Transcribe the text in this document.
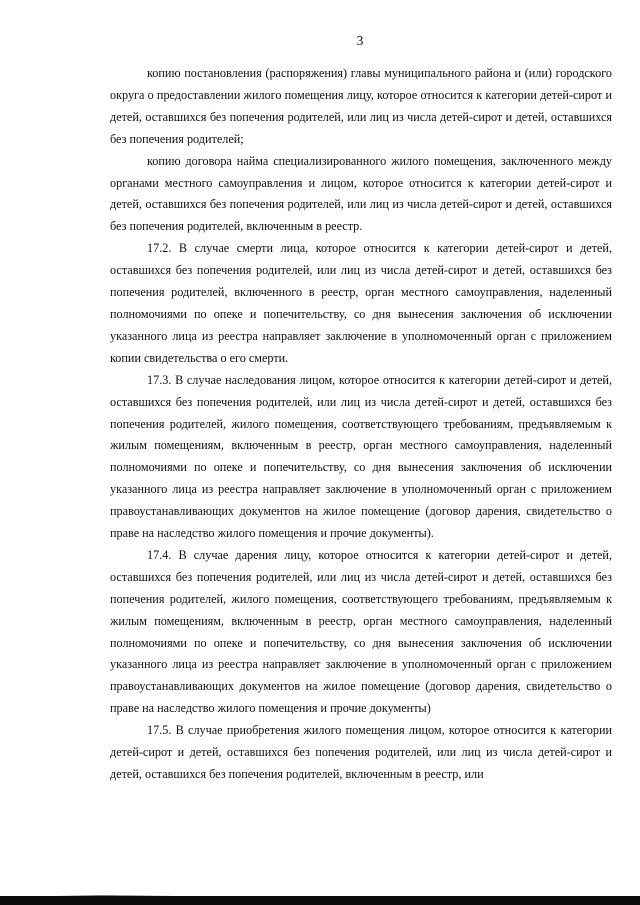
3

копию постановления (распоряжения) главы муниципального района и (или) городского округа о предоставлении жилого помещения лицу, которое относится к категории детей-сирот и детей, оставшихся без попечения родителей, или лиц из числа детей-сирот и детей, оставшихся без попечения родителей;

копию договора найма специализированного жилого помещения, заключенного между органами местного самоуправления и лицом, которое относится к категории детей-сирот и детей, оставшихся без попечения родителей, или лиц из числа детей-сирот и детей, оставшихся без попечения родителей, включенным в реестр.

17.2. В случае смерти лица, которое относится к категории детей-сирот и детей, оставшихся без попечения родителей, или лиц из числа детей-сирот и детей, оставшихся без попечения родителей, включенного в реестр, орган местного самоуправления, наделенный полномочиями по опеке и попечительству, со дня вынесения заключения об исключении указанного лица из реестра направляет заключение в уполномоченный орган с приложением копии свидетельства о его смерти.

17.3. В случае наследования лицом, которое относится к категории детей-сирот и детей, оставшихся без попечения родителей, или лиц из числа детей-сирот и детей, оставшихся без попечения родителей, жилого помещения, соответствующего требованиям, предъявляемым к жилым помещениям, включенным в реестр, орган местного самоуправления, наделенный полномочиями по опеке и попечительству, со дня вынесения заключения об исключении указанного лица из реестра направляет заключение в уполномоченный орган с приложением правоустанавливающих документов на жилое помещение (договор дарения, свидетельство о праве на наследство жилого помещения и прочие документы).

17.4. В случае дарения лицу, которое относится к категории детей-сирот и детей, оставшихся без попечения родителей, или лиц из числа детей-сирот и детей, оставшихся без попечения родителей, жилого помещения, соответствующего требованиям, предъявляемым к жилым помещениям, включенным в реестр, орган местного самоуправления, наделенный полномочиями по опеке и попечительству, со дня вынесения заключения об исключении указанного лица из реестра направляет заключение в уполномоченный орган с приложением правоустанавливающих документов на жилое помещение (договор дарения, свидетельство о праве на наследство жилого помещения и прочие документы)

17.5. В случае приобретения жилого помещения лицом, которое относится к категории детей-сирот и детей, оставшихся без попечения родителей, или лиц из числа детей-сирот и детей, оставшихся без попечения родителей, включенным в реестр, или
